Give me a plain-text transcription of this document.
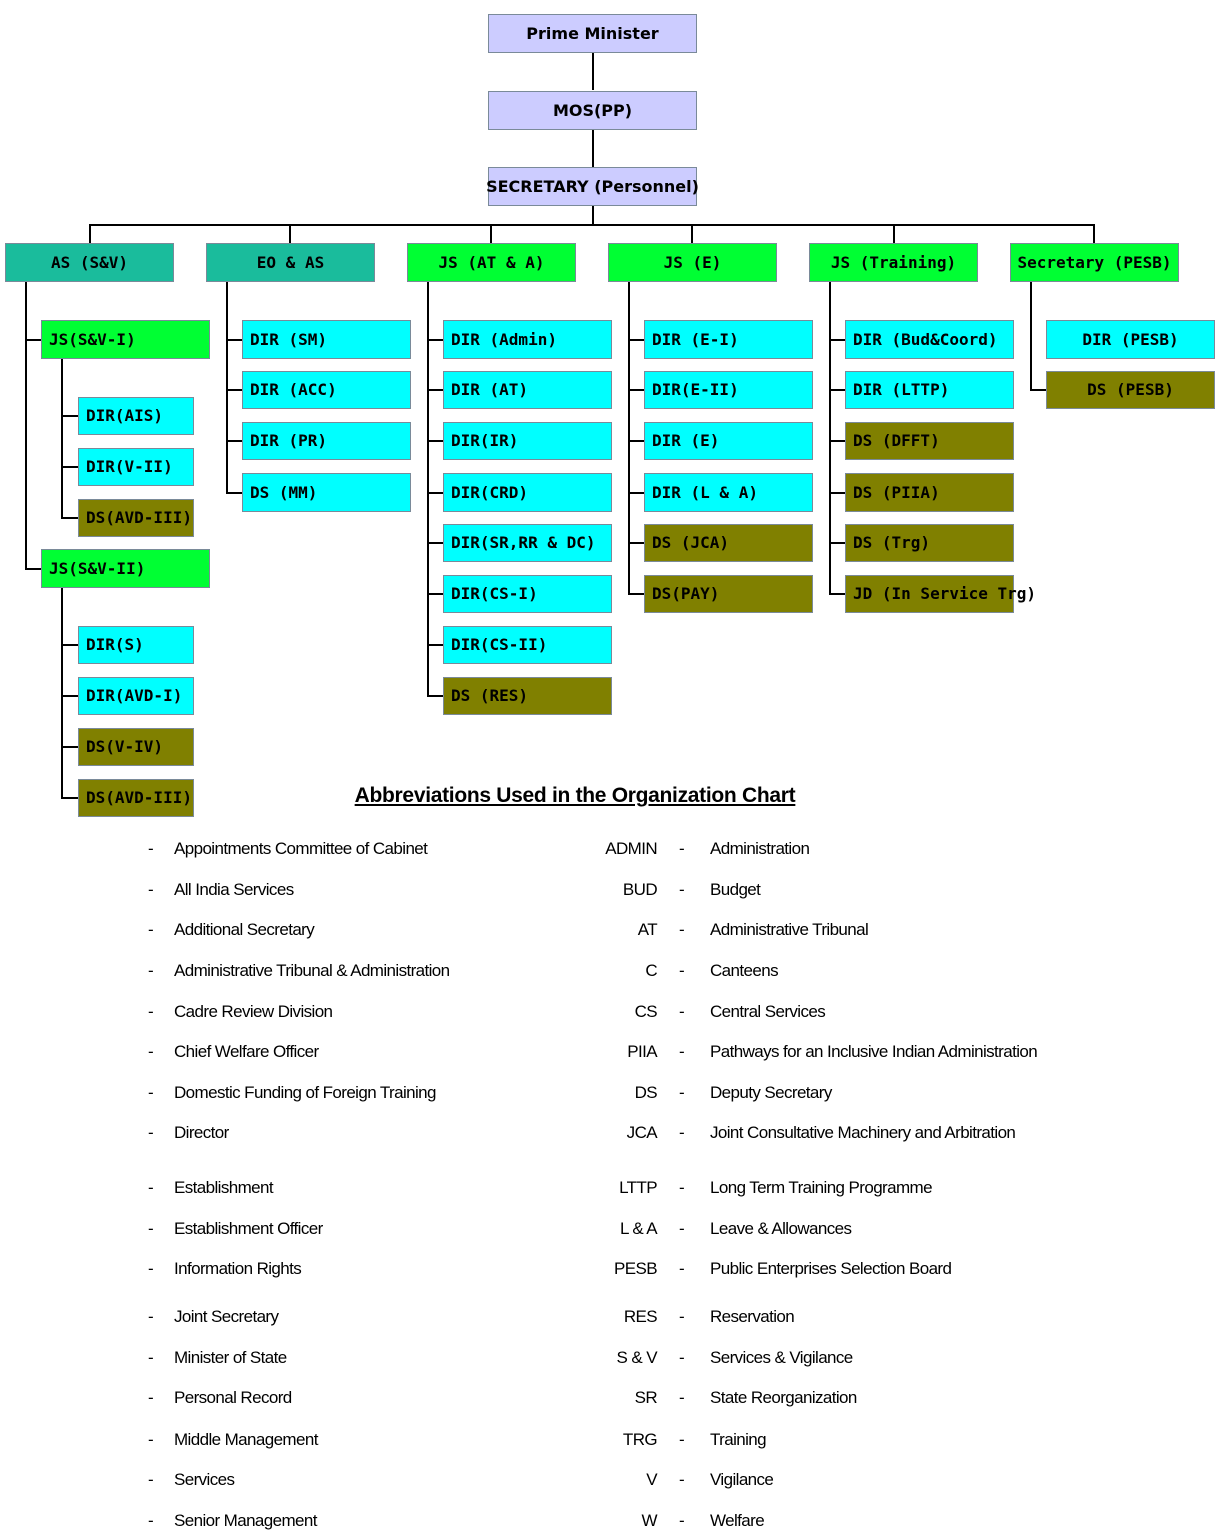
Prime Minister
MOS(PP)
SECRETARY (Personnel)
AS (S&V)	EO & AS	JS (AT & A)	JS (E)	JS (Training)	Secretary (PESB)
JS(S&V-I)
DIR(AIS)
DIR(V-II)
DS(AVD-III)
JS(S&V-II)
DIR(S)
DIR(AVD-I)
DS(V-IV)
DS(AVD-III)
DIR (SM)
DIR (ACC)
DIR (PR)
DS (MM)
DIR (Admin)
DIR (AT)
DIR(IR)
DIR(CRD)
DIR(SR,RR & DC)
DIR(CS-I)
DIR(CS-II)
DS (RES)
DIR (E-I)
DIR(E-II)
DIR (E)
DIR (L & A)
DS (JCA)
DS(PAY)
DIR (Bud&Coord)
DIR (LTTP)
DS (DFFT)
DS (PIIA)
DS (Trg)
JD (In Service Trg)
DIR (PESB)
DS (PESB)
Abbreviations Used in the Organization Chart
- Appointments Committee of Cabinet	ADMIN - Administration
- All India Services	BUD - Budget
- Additional Secretary	AT - Administrative Tribunal
- Administrative Tribunal & Administration	C - Canteens
- Cadre Review Division	CS - Central Services
- Chief Welfare Officer	PIIA - Pathways for an Inclusive Indian Administration
- Domestic Funding of Foreign Training	DS - Deputy Secretary
- Director	JCA - Joint Consultative Machinery and Arbitration
- Establishment	LTTP - Long Term Training Programme
- Establishment Officer	L & A - Leave & Allowances
- Information Rights	PESB - Public Enterprises Selection Board
- Joint Secretary	RES - Reservation
- Minister of State	S & V - Services & Vigilance
- Personal Record	SR - State Reorganization
- Middle Management	TRG - Training
- Services	V - Vigilance
- Senior Management	W - Welfare
